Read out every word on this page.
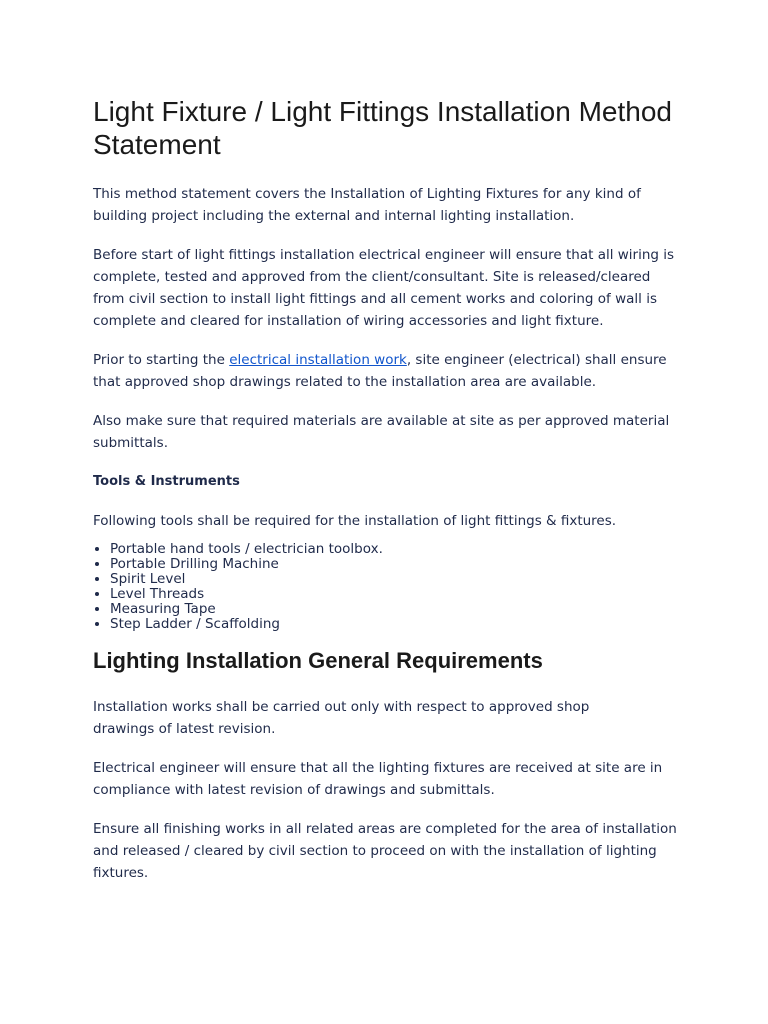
Light Fixture / Light Fittings Installation Method Statement

This method statement covers the Installation of Lighting Fixtures for any kind of building project including the external and internal lighting installation.

Before start of light fittings installation electrical engineer will ensure that all wiring is complete, tested and approved from the client/consultant. Site is released/cleared from civil section to install light fittings and all cement works and coloring of wall is complete and cleared for installation of wiring accessories and light fixture.

Prior to starting the electrical installation work, site engineer (electrical) shall ensure that approved shop drawings related to the installation area are available.

Also make sure that required materials are available at site as per approved material submittals.

Tools & Instruments

Following tools shall be required for the installation of light fittings & fixtures.

• Portable hand tools / electrician toolbox.
• Portable Drilling Machine
• Spirit Level
• Level Threads
• Measuring Tape
• Step Ladder / Scaffolding
Lighting Installation General Requirements

Installation works shall be carried out only with respect to approved shop drawings of latest revision.

Electrical engineer will ensure that all the lighting fixtures are received at site are in compliance with latest revision of drawings and submittals.

Ensure all finishing works in all related areas are completed for the area of installation and released / cleared by civil section to proceed on with the installation of lighting fixtures.
